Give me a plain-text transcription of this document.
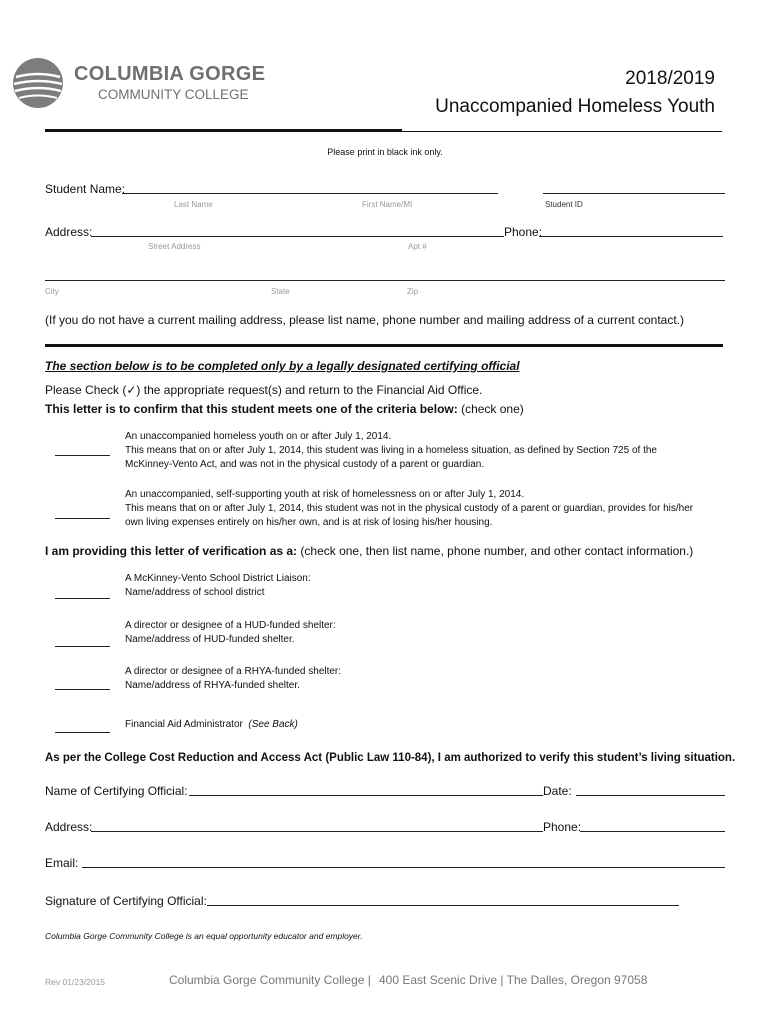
COLUMBIA GORGE
COMMUNITY COLLEGE
2018/2019
Unaccompanied Homeless Youth
Please print in black ink only.
Student Name:
Last Name	First Name/MI	Student ID
Address:	Phone:
Street Address	Apt #
City	State	Zip
(If you do not have a current mailing address, please list name, phone number and mailing address of a current contact.)
The section below is to be completed only by a legally designated certifying official
Please Check (✓) the appropriate request(s) and return to the Financial Aid Office.
This letter is to confirm that this student meets one of the criteria below: (check one)
An unaccompanied homeless youth on or after July 1, 2014.
This means that on or after July 1, 2014, this student was living in a homeless situation, as defined by Section 725 of the
McKinney-Vento Act, and was not in the physical custody of a parent or guardian.
An unaccompanied, self-supporting youth at risk of homelessness on or after July 1, 2014.
This means that on or after July 1, 2014, this student was not in the physical custody of a parent or guardian, provides for his/her
own living expenses entirely on his/her own, and is at risk of losing his/her housing.
I am providing this letter of verification as a: (check one, then list name, phone number, and other contact information.)
A McKinney-Vento School District Liaison:
Name/address of school district
A director or designee of a HUD-funded shelter:
Name/address of HUD-funded shelter.
A director or designee of a RHYA-funded shelter:
Name/address of RHYA-funded shelter.
Financial Aid Administrator (See Back)
As per the College Cost Reduction and Access Act (Public Law 110-84), I am authorized to verify this student’s living situation.
Name of Certifying Official:	Date:
Address:	Phone:
Email:
Signature of Certifying Official:
Columbia Gorge Community College is an equal opportunity educator and employer.
Rev 01/23/2015	Columbia Gorge Community College | 400 East Scenic Drive | The Dalles, Oregon 97058
